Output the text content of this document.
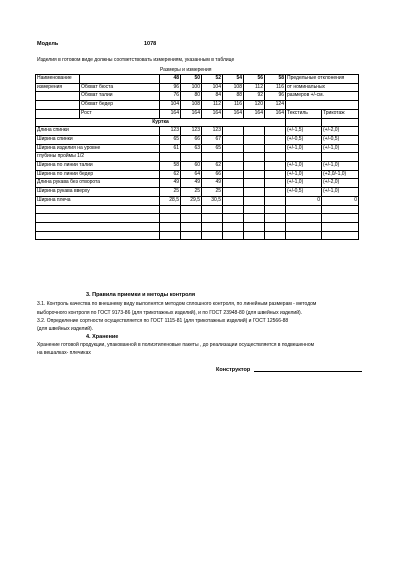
Модель	1078
Изделия в готовом виде должны соответствовать измерениям, указанным в таблице
Размеры и измерения
Наименование		48	50	52	54	56	58	Предельные отклонения	
измерения	Обхват бюста	96	100	104	108	112	116	от номинальных	
	Обхват талии	76	80	84	88	92	96	размеров +/-см.	
	Обхват бедер	104	108	112	116	120	124		
	Рост	164	164	164	164	164	164	Текстиль	Трикотаж
Куртка									
Длина спинки		123	123	123				(+/-1,5)	(+/-2,0)
Ширина спинки		65	66	67				(+/-0,5)	(+/-0,5)
Ширина изделия на уровне		61	63	65				(+/-1,0)	(+/-1,0)
глубины проймы 1/2									
Ширина по линии талии		58	60	62				(+/-1,0)	(+/-1,0)
Ширина по линии бедер		62	64	66				(+/-1,0)	(+2,0/-1,0)
Длина рукава без отворота		49	49	49				(+/-1,0)	(+/-2,0)
Ширина рукава вверху		25	25	25				(+/-0,5)	(+/-1,0)
Ширина плеча		28,5	29,5	30,5				0	0

3. Правила приемки и методы контроля
3.1. Контроль качества по внешнему виду выполнятся методом сплошного контроля, по линейным размерам - методом
выборочного контроля по ГОСТ 9173-86 (для трикотажных изделий), и по ГОСТ 23948-80 (для швейных изделий).
3.2. Определение сортности осуществляется по ГОСТ 1115-81 (для трикотажных изделий) и ГОСТ 12566-88
(для швейных изделий).
4. Хранение
Хранение готовой продукции, упакованной в полиэтиленовые пакеты , до реализации осуществляется в подвешенном
на вешалках- плечиках
Конструктор
